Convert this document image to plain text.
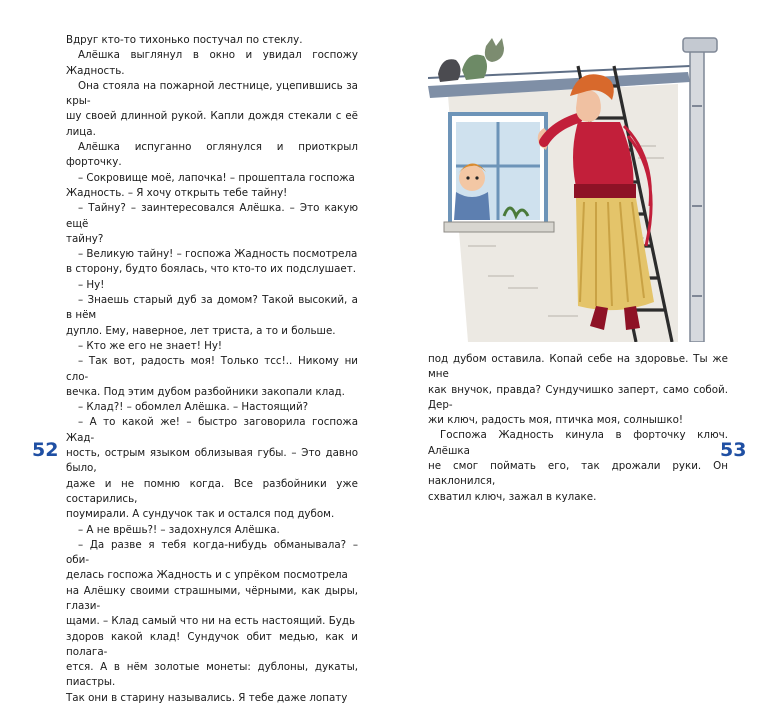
Вдруг кто-то тихонько постучал по стеклу.

Алёшка выглянул в окно и увидал госпожу Жадность.

Она стояла на пожарной лестнице, уцепившись за кры-

шу своей длинной рукой. Капли дождя стекали с её лица.

Алёшка испуганно оглянулся и приоткрыл форточку.

– Сокровище моё, лапочка! – прошептала госпожа

Жадность. – Я хочу открыть тебе тайну!

– Тайну? – заинтересовался Алёшка. – Это какую ещё

тайну?

– Великую тайну! – госпожа Жадность посмотрела

в сторону, будто боялась, что кто-то их подслушает.

– Ну!

– Знаешь старый дуб за домом? Такой высокий, а в нём

дупло. Ему, наверное, лет триста, а то и больше.

– Кто же его не знает! Ну!

– Так вот, радость моя! Только тсс!.. Никому ни сло-

вечка. Под этим дубом разбойники закопали клад.

– Клад?! – обомлел Алёшка. – Настоящий?

– А то какой же! – быстро заговорила госпожа Жад-

ность, острым языком облизывая губы. – Это давно было,

даже и не помню когда. Все разбойники уже состарились,

поумирали. А сундучок так и остался под дубом.

– А не врёшь?! – задохнулся Алёшка.

– Да разве я тебя когда-нибудь обманывала? – оби-

делась госпожа Жадность и с упрёком посмотрела

на Алёшку своими страшными, чёрными, как дыры, глази-

щами. – Клад самый что ни на есть настоящий. Будь

здоров какой клад! Сундучок обит медью, как и полага-

ется. А в нём золотые монеты: дублоны, дукаты, пиастры.

Так они в старину назывались. Я тебе даже лопату

52

под дубом оставила. Копай себе на здоровье. Ты же мне

как внучок, правда? Сундучишко заперт, само собой. Дер-

жи ключ, радость моя, птичка моя, солнышко!

Госпожа Жадность кинула в форточку ключ. Алёшка

не смог поймать его, так дрожали руки. Он наклонился,

схватил ключ, зажал в кулаке.

53
